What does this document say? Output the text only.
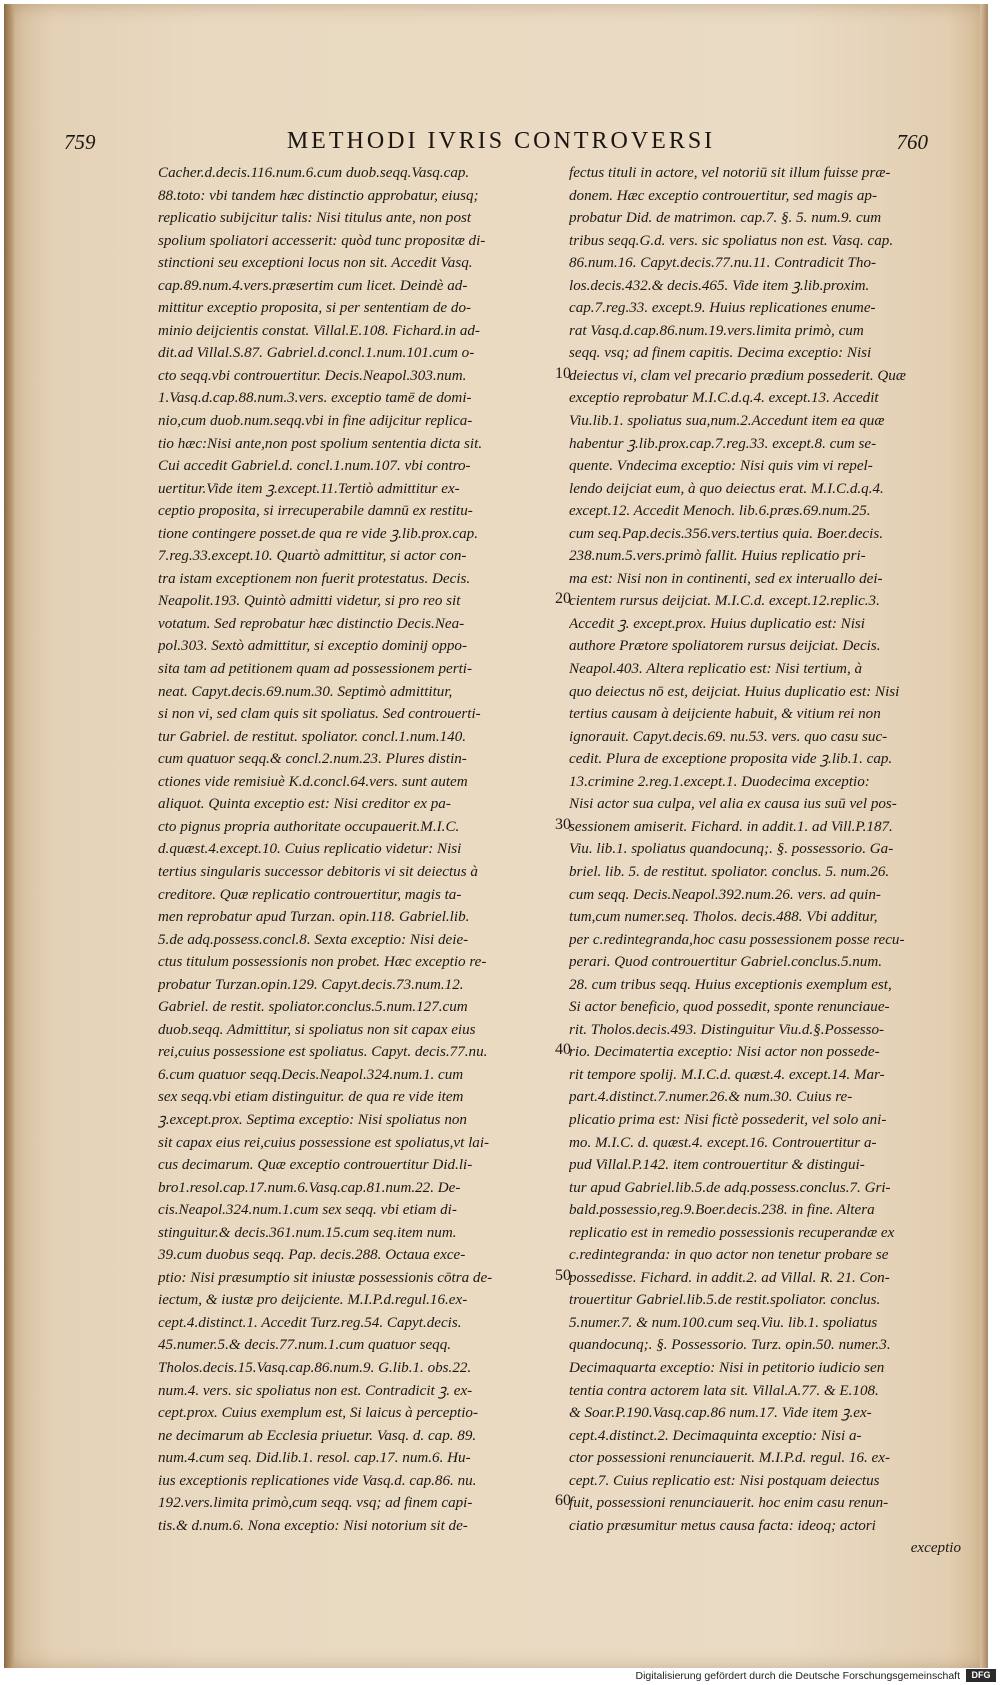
759	METHODI IVRIS CONTROVERSI	760
Cacher.d.decis.116.num.6.cum duob.seqq.Vasq.cap.
88.toto: vbi tandem hæc distinctio approbatur, eiusq;
replicatio subijcitur talis: Nisi titulus ante, non post
spolium spoliatori accesserit: quòd tunc propositæ di-
stinctioni seu exceptioni locus non sit. Accedit Vasq.
cap.89.num.4.vers.præsertim cum licet. Deindè ad-
mittitur exceptio proposita, si per sententiam de do-
minio deijcientis constat. Villal.E.108. Fichard.in ad-
dit.ad Villal.S.87. Gabriel.d.concl.1.num.101.cum o-
cto seqq.vbi controuertitur. Decis.Neapol.303.num.
1.Vasq.d.cap.88.num.3.vers. exceptio tamē de domi-
nio,cum duob.num.seqq.vbi in fine adijcitur replica-
tio hæc:Nisi ante,non post spolium sententia dicta sit.
Cui accedit Gabriel.d. concl.1.num.107. vbi contro-
uertitur.Vide item ꝫ.except.11.Tertiò admittitur ex-
ceptio proposita, si irrecuperabile damnū ex restitu-
tione contingere posset.de qua re vide ꝫ.lib.prox.cap.
7.reg.33.except.10. Quartò admittitur, si actor con-
tra istam exceptionem non fuerit protestatus. Decis.
Neapolit.193. Quintò admitti videtur, si pro reo sit
votatum. Sed reprobatur hæc distinctio Decis.Nea-
pol.303. Sextò admittitur, si exceptio dominij oppo-
sita tam ad petitionem quam ad possessionem perti-
neat. Capyt.decis.69.num.30. Septimò admittitur,
si non vi, sed clam quis sit spoliatus. Sed controuerti-
tur Gabriel. de restitut. spoliator. concl.1.num.140.
cum quatuor seqq.& concl.2.num.23. Plures distin-
ctiones vide remisiuè K.d.concl.64.vers. sunt autem
aliquot. Quinta exceptio est: Nisi creditor ex pa-
cto pignus propria authoritate occupauerit.M.I.C.
d.quæst.4.except.10. Cuius replicatio videtur: Nisi
tertius singularis successor debitoris vi sit deiectus à
creditore. Quæ replicatio controuertitur, magis ta-
men reprobatur apud Turzan. opin.118. Gabriel.lib.
5.de adq.possess.concl.8. Sexta exceptio: Nisi deie-
ctus titulum possessionis non probet. Hæc exceptio re-
probatur Turzan.opin.129. Capyt.decis.73.num.12.
Gabriel. de restit. spoliator.conclus.5.num.127.cum
duob.seqq. Admittitur, si spoliatus non sit capax eius
rei,cuius possessione est spoliatus. Capyt. decis.77.nu.
6.cum quatuor seqq.Decis.Neapol.324.num.1. cum
sex seqq.vbi etiam distinguitur. de qua re vide item
ꝫ.except.prox. Septima exceptio: Nisi spoliatus non
sit capax eius rei,cuius possessione est spoliatus,vt lai-
cus decimarum. Quæ exceptio controuertitur Did.li-
bro1.resol.cap.17.num.6.Vasq.cap.81.num.22. De-
cis.Neapol.324.num.1.cum sex seqq. vbi etiam di-
stinguitur.& decis.361.num.15.cum seq.item num.
39.cum duobus seqq. Pap. decis.288. Octaua exce-
ptio: Nisi præsumptio sit iniustæ possessionis cōtra de-
iectum, & iustæ pro deijciente. M.I.P.d.regul.16.ex-
cept.4.distinct.1. Accedit Turz.reg.54. Capyt.decis.
45.numer.5.& decis.77.num.1.cum quatuor seqq.
Tholos.decis.15.Vasq.cap.86.num.9. G.lib.1. obs.22.
num.4. vers. sic spoliatus non est. Contradicit ꝫ. ex-
cept.prox. Cuius exemplum est, Si laicus à perceptio-
ne decimarum ab Ecclesia priuetur. Vasq. d. cap. 89.
num.4.cum seq. Did.lib.1. resol. cap.17. num.6. Hu-
ius exceptionis replicationes vide Vasq.d. cap.86. nu.
192.vers.limita primò,cum seqq. vsq; ad finem capi-
tis.& d.num.6. Nona exceptio: Nisi notorium sit de-
fectus tituli in actore, vel notoriū sit illum fuisse præ-
donem. Hæc exceptio controuertitur, sed magis ap-
probatur Did. de matrimon. cap.7. §. 5. num.9. cum
tribus seqq.G.d. vers. sic spoliatus non est. Vasq. cap.
86.num.16. Capyt.decis.77.nu.11. Contradicit Tho-
los.decis.432.& decis.465. Vide item ꝫ.lib.proxim.
cap.7.reg.33. except.9. Huius replicationes enume-
rat Vasq.d.cap.86.num.19.vers.limita primò, cum
seqq. vsq; ad finem capitis. Decima exceptio: Nisi
deiectus vi, clam vel precario prædium possederit. Quæ
exceptio reprobatur M.I.C.d.q.4. except.13. Accedit
Viu.lib.1. spoliatus sua,num.2.Accedunt item ea quæ
habentur ꝫ.lib.prox.cap.7.reg.33. except.8. cum se-
quente. Vndecima exceptio: Nisi quis vim vi repel-
lendo deijciat eum, à quo deiectus erat. M.I.C.d.q.4.
except.12. Accedit Menoch. lib.6.præs.69.num.25.
cum seq.Pap.decis.356.vers.tertius quia. Boer.decis.
238.num.5.vers.primò fallit. Huius replicatio pri-
ma est: Nisi non in continenti, sed ex interuallo dei-
cientem rursus deijciat. M.I.C.d. except.12.replic.3.
Accedit ꝫ. except.prox. Huius duplicatio est: Nisi
authore Prætore spoliatorem rursus deijciat. Decis.
Neapol.403. Altera replicatio est: Nisi tertium, à
quo deiectus nō est, deijciat. Huius duplicatio est: Nisi
tertius causam à deijciente habuit, & vitium rei non
ignorauit. Capyt.decis.69. nu.53. vers. quo casu suc-
cedit. Plura de exceptione proposita vide ꝫ.lib.1. cap.
13.crimine 2.reg.1.except.1. Duodecima exceptio:
Nisi actor sua culpa, vel alia ex causa ius suū vel pos-
sessionem amiserit. Fichard. in addit.1. ad Vill.P.187.
Viu. lib.1. spoliatus quandocunq;. §. possessorio. Ga-
briel. lib. 5. de restitut. spoliator. conclus. 5. num.26.
cum seqq. Decis.Neapol.392.num.26. vers. ad quin-
tum,cum numer.seq. Tholos. decis.488. Vbi additur,
per c.redintegranda,hoc casu possessionem posse recu-
perari. Quod controuertitur Gabriel.conclus.5.num.
28. cum tribus seqq. Huius exceptionis exemplum est,
Si actor beneficio, quod possedit, sponte renunciaue-
rit. Tholos.decis.493. Distinguitur Viu.d.§.Possesso-
rio. Decimatertia exceptio: Nisi actor non possede-
rit tempore spolij. M.I.C.d. quæst.4. except.14. Mar-
part.4.distinct.7.numer.26.& num.30. Cuius re-
plicatio prima est: Nisi fictè possederit, vel solo ani-
mo. M.I.C. d. quæst.4. except.16. Controuertitur a-
pud Villal.P.142. item controuertitur & distingui-
tur apud Gabriel.lib.5.de adq.possess.conclus.7. Gri-
bald.possessio,reg.9.Boer.decis.238. in fine. Altera
replicatio est in remedio possessionis recuperandæ ex
c.redintegranda: in quo actor non tenetur probare se
possedisse. Fichard. in addit.2. ad Villal. R. 21. Con-
trouertitur Gabriel.lib.5.de restit.spoliator. conclus.
5.numer.7. & num.100.cum seq.Viu. lib.1. spoliatus
quandocunq;. §. Possessorio. Turz. opin.50. numer.3.
Decimaquarta exceptio: Nisi in petitorio iudicio sen
tentia contra actorem lata sit. Villal.A.77. & E.108.
& Soar.P.190.Vasq.cap.86 num.17. Vide item ꝫ.ex-
cept.4.distinct.2. Decimaquinta exceptio: Nisi a-
ctor possessioni renunciauerit. M.I.P.d. regul. 16. ex-
cept.7. Cuius replicatio est: Nisi postquam deiectus
fuit, possessioni renunciauerit. hoc enim casu renun-
ciatio præsumitur metus causa facta: ideoq; actori
exceptio
10
20
30
40
50
60
Digitalisierung gefördert durch die Deutsche Forschungsgemeinschaft	DFG
